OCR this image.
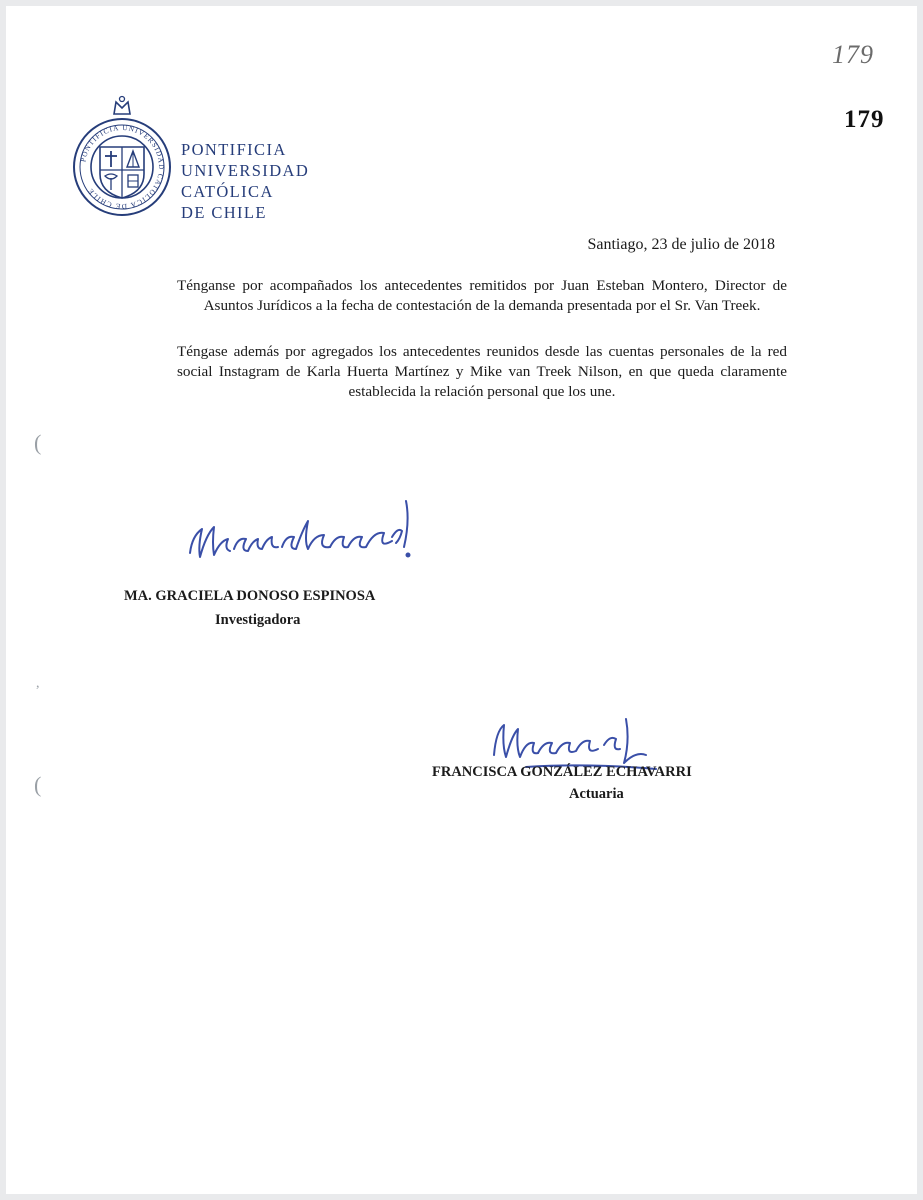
179
179
PONTIFICIA UNIVERSIDAD CATOLICA DE CHILE
PONTIFICIA
UNIVERSIDAD
CATÓLICA
DE CHILE
Santiago, 23 de julio de 2018
Ténganse por acompañados los antecedentes remitidos por Juan Esteban Montero, Director de Asuntos Jurídicos a la fecha de contestación de la demanda presentada por el Sr. Van Treek.
Téngase además por agregados los antecedentes reunidos desde las cuentas personales de la red social Instagram de Karla Huerta Martínez y Mike van Treek Nilson, en que queda claramente establecida la relación personal que los une.
MA. GRACIELA DONOSO ESPINOSA
Investigadora
FRANCISCA GONZÁLEZ ECHAVARRI
Actuaria
(
,
(
